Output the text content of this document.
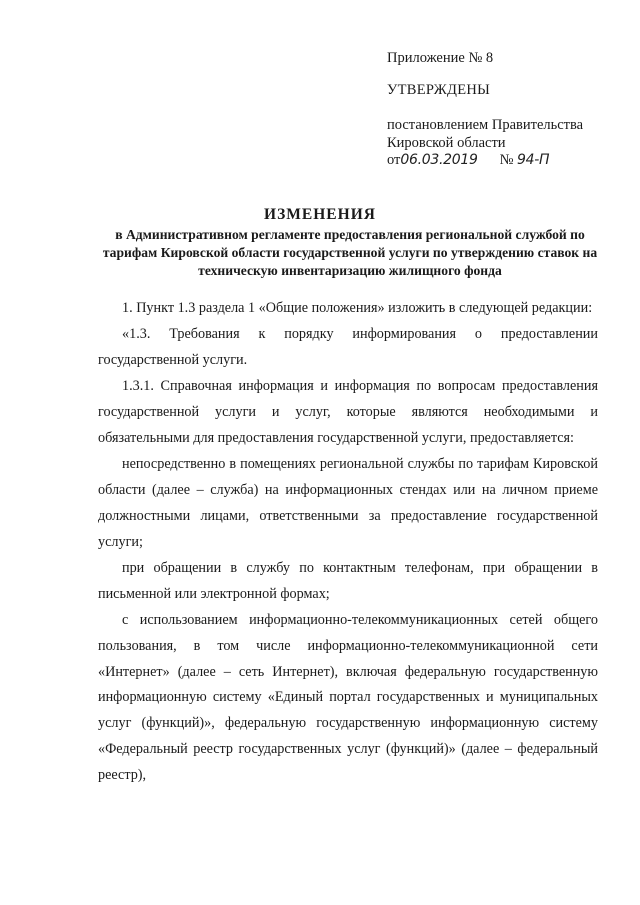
Приложение № 8
УТВЕРЖДЕНЫ
постановлением Правительства
Кировской области
от06.03.2019 № 94-П
ИЗМЕНЕНИЯ
в Административном регламенте предоставления региональной службой по тарифам Кировской области государственной услуги по утверждению ставок на техническую инвентаризацию жилищного фонда

1. Пункт 1.3 раздела 1 «Общие положения» изложить в следующей редакции:

«1.3. Требования к порядку информирования о предоставлении государственной услуги.

1.3.1. Справочная информация и информация по вопросам предоставления государственной услуги и услуг, которые являются необходимыми и обязательными для предоставления государственной услуги, предоставляется:

непосредственно в помещениях региональной службы по тарифам Кировской области (далее – служба) на информационных стендах или на личном приеме должностными лицами, ответственными за предоставление государственной услуги;

при обращении в службу по контактным телефонам, при обращении в письменной или электронной формах;

с использованием информационно-телекоммуникационных сетей общего пользования, в том числе информационно-телекоммуникационной сети «Интернет» (далее – сеть Интернет), включая федеральную государственную информационную систему «Единый портал государственных и муниципальных услуг (функций)», федеральную государственную информационную систему «Федеральный реестр государственных услуг (функций)» (далее – федеральный реестр),
